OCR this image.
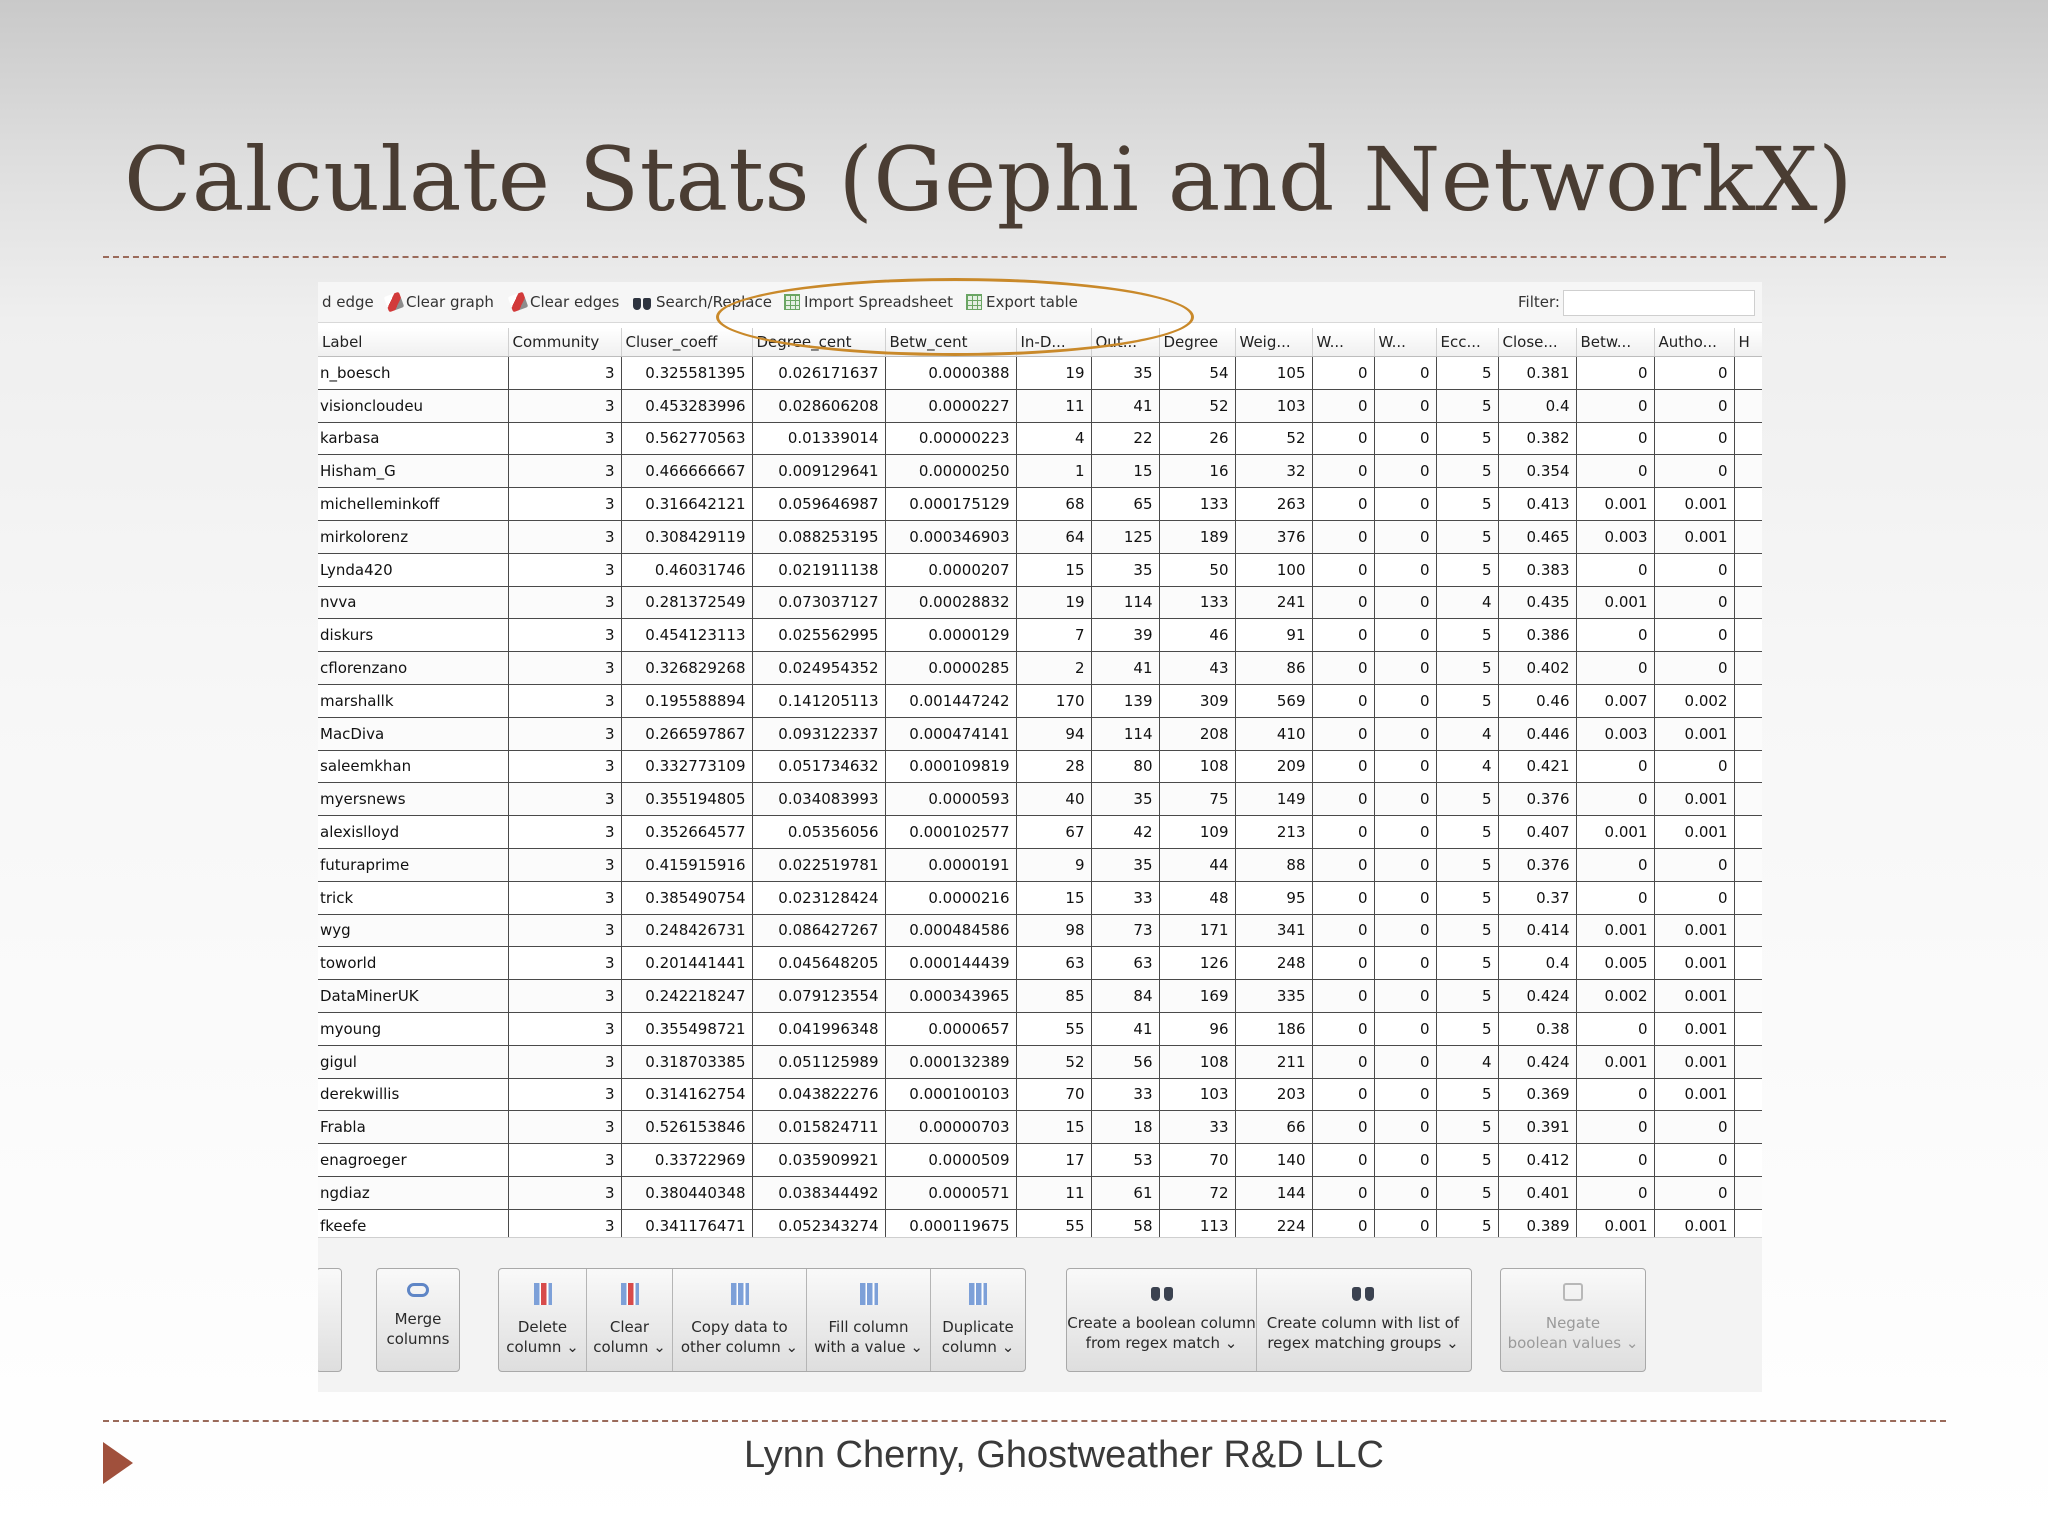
Calculate Stats (Gephi and NetworkX)
d edge Clear graph Clear edges Search/Replace Import Spreadsheet Export table	Filter:
Label	Community	Cluser_coeff	Degree_cent	Betw_cent	In-D...	Out...	Degree	Weig...	W...	W...	Ecc...	Close...	Betw...	Autho...	H
n_boesch	3	0.325581395	0.026171637	0.0000388	19	35	54	105	0	0	5	0.381	0	0	
visioncloudeu	3	0.453283996	0.028606208	0.0000227	11	41	52	103	0	0	5	0.4	0	0	
karbasa	3	0.562770563	0.01339014	0.00000223	4	22	26	52	0	0	5	0.382	0	0	
Hisham_G	3	0.466666667	0.009129641	0.00000250	1	15	16	32	0	0	5	0.354	0	0	
michelleminkoff	3	0.316642121	0.059646987	0.000175129	68	65	133	263	0	0	5	0.413	0.001	0.001	
mirkolorenz	3	0.308429119	0.088253195	0.000346903	64	125	189	376	0	0	5	0.465	0.003	0.001	
Lynda420	3	0.46031746	0.021911138	0.0000207	15	35	50	100	0	0	5	0.383	0	0	
nvva	3	0.281372549	0.073037127	0.00028832	19	114	133	241	0	0	4	0.435	0.001	0	
diskurs	3	0.454123113	0.025562995	0.0000129	7	39	46	91	0	0	5	0.386	0	0	
cflorenzano	3	0.326829268	0.024954352	0.0000285	2	41	43	86	0	0	5	0.402	0	0	
marshallk	3	0.195588894	0.141205113	0.001447242	170	139	309	569	0	0	5	0.46	0.007	0.002	
MacDiva	3	0.266597867	0.093122337	0.000474141	94	114	208	410	0	0	4	0.446	0.003	0.001	
saleemkhan	3	0.332773109	0.051734632	0.000109819	28	80	108	209	0	0	4	0.421	0	0	
myersnews	3	0.355194805	0.034083993	0.0000593	40	35	75	149	0	0	5	0.376	0	0.001	
alexislloyd	3	0.352664577	0.05356056	0.000102577	67	42	109	213	0	0	5	0.407	0.001	0.001	
futuraprime	3	0.415915916	0.022519781	0.0000191	9	35	44	88	0	0	5	0.376	0	0	
trick	3	0.385490754	0.023128424	0.0000216	15	33	48	95	0	0	5	0.37	0	0	
wyg	3	0.248426731	0.086427267	0.000484586	98	73	171	341	0	0	5	0.414	0.001	0.001	
toworld	3	0.201441441	0.045648205	0.000144439	63	63	126	248	0	0	5	0.4	0.005	0.001	
DataMinerUK	3	0.242218247	0.079123554	0.000343965	85	84	169	335	0	0	5	0.424	0.002	0.001	
myoung	3	0.355498721	0.041996348	0.0000657	55	41	96	186	0	0	5	0.38	0	0.001	
gigul	3	0.318703385	0.051125989	0.000132389	52	56	108	211	0	0	4	0.424	0.001	0.001	
derekwillis	3	0.314162754	0.043822276	0.000100103	70	33	103	203	0	0	5	0.369	0	0.001	
Frabla	3	0.526153846	0.015824711	0.00000703	15	18	33	66	0	0	5	0.391	0	0	
enagroeger	3	0.33722969	0.035909921	0.0000509	17	53	70	140	0	0	5	0.412	0	0	
ngdiaz	3	0.380440348	0.038344492	0.0000571	11	61	72	144	0	0	5	0.401	0	0	
fkeefe	3	0.341176471	0.052343274	0.000119675	55	58	113	224	0	0	5	0.389	0.001	0.001	
Merge
columns
Delete
column ⌄
Clear
column ⌄
Copy data to
other column ⌄
Fill column
with a value ⌄
Duplicate
column ⌄
Create a boolean column
from regex match ⌄
Create column with list of
regex matching groups ⌄
Negate
boolean values ⌄
Lynn Cherny, Ghostweather R&D LLC
